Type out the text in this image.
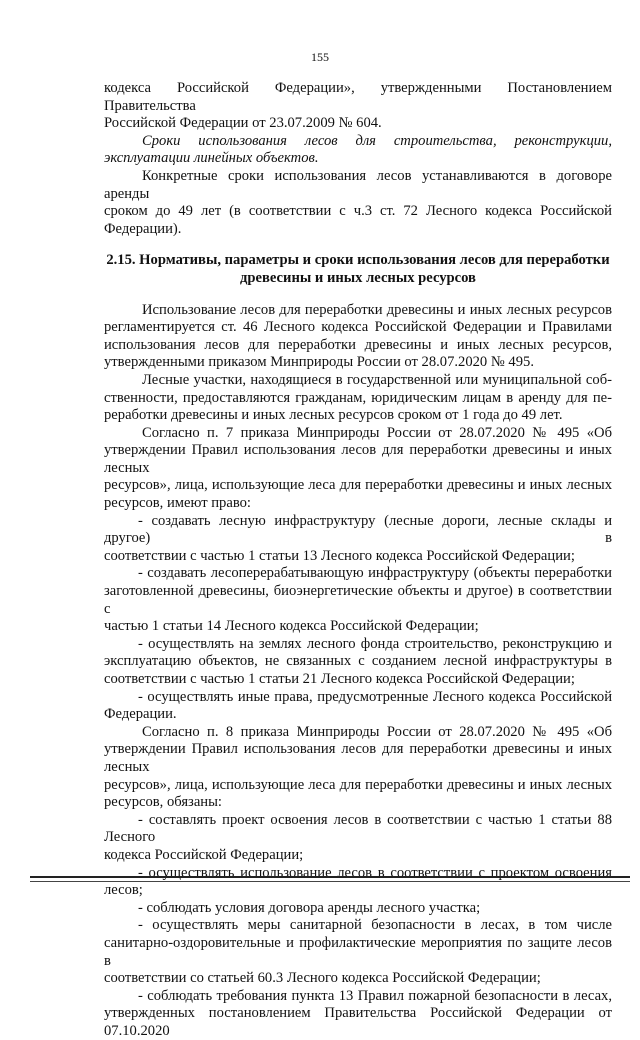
155

кодекса Российской Федерации», утвержденными Постановлением Правительства

Российской Федерации от 23.07.2009 № 604.

Сроки использования лесов для строительства, реконструкции,

эксплуатации линейных объектов.

Конкретные сроки использования лесов устанавливаются в договоре аренды

сроком до 49 лет (в соответствии с ч.3 ст. 72 Лесного кодекса Российской

Федерации).

2.15. Нормативы, параметры и сроки использования лесов для переработки
древесины и иных лесных ресурсов

Использование лесов для переработки древесины и иных лесных ресурсов

регламентируется ст. 46 Лесного кодекса Российской Федерации и Правилами

использования лесов для переработки древесины и иных лесных ресурсов,

утвержденными приказом Минприроды России от 28.07.2020 № 495.

Лесные участки, находящиеся в государственной или муниципальной соб-

ственности, предоставляются гражданам, юридическим лицам в аренду для пе-

реработки древесины и иных лесных ресурсов сроком от 1 года до 49 лет.

Согласно п. 7 приказа Минприроды России от 28.07.2020 № 495 «Об

утверждении Правил использования лесов для переработки древесины и иных лесных

ресурсов», лица, использующие леса для переработки древесины и иных лесных

ресурсов, имеют право:

- создавать лесную инфраструктуру (лесные дороги, лесные склады и другое) в

соответствии с частью 1 статьи 13 Лесного кодекса Российской Федерации;

- создавать лесоперерабатывающую инфраструктуру (объекты переработки

заготовленной древесины, биоэнергетические объекты и другое) в соответствии с

частью 1 статьи 14 Лесного кодекса Российской Федерации;

- осуществлять на землях лесного фонда строительство, реконструкцию и

эксплуатацию объектов, не связанных с созданием лесной инфраструктуры в

соответствии с частью 1 статьи 21 Лесного кодекса Российской Федерации;

- осуществлять иные права, предусмотренные Лесного кодекса Российской

Федерации.

Согласно п. 8 приказа Минприроды России от 28.07.2020 № 495 «Об

утверждении Правил использования лесов для переработки древесины и иных лесных

ресурсов», лица, использующие леса для переработки древесины и иных лесных

ресурсов, обязаны:

- составлять проект освоения лесов в соответствии с частью 1 статьи 88 Лесного

кодекса Российской Федерации;

- осуществлять использование лесов в соответствии с проектом освоения лесов;

- соблюдать условия договора аренды лесного участка;

- осуществлять меры санитарной безопасности в лесах, в том числе

санитарно-оздоровительные и профилактические мероприятия по защите лесов в

соответствии со статьей 60.3 Лесного кодекса Российской Федерации;

- соблюдать требования пункта 13 Правил пожарной безопасности в лесах,

утвержденных постановлением Правительства Российской Федерации от 07.10.2020
